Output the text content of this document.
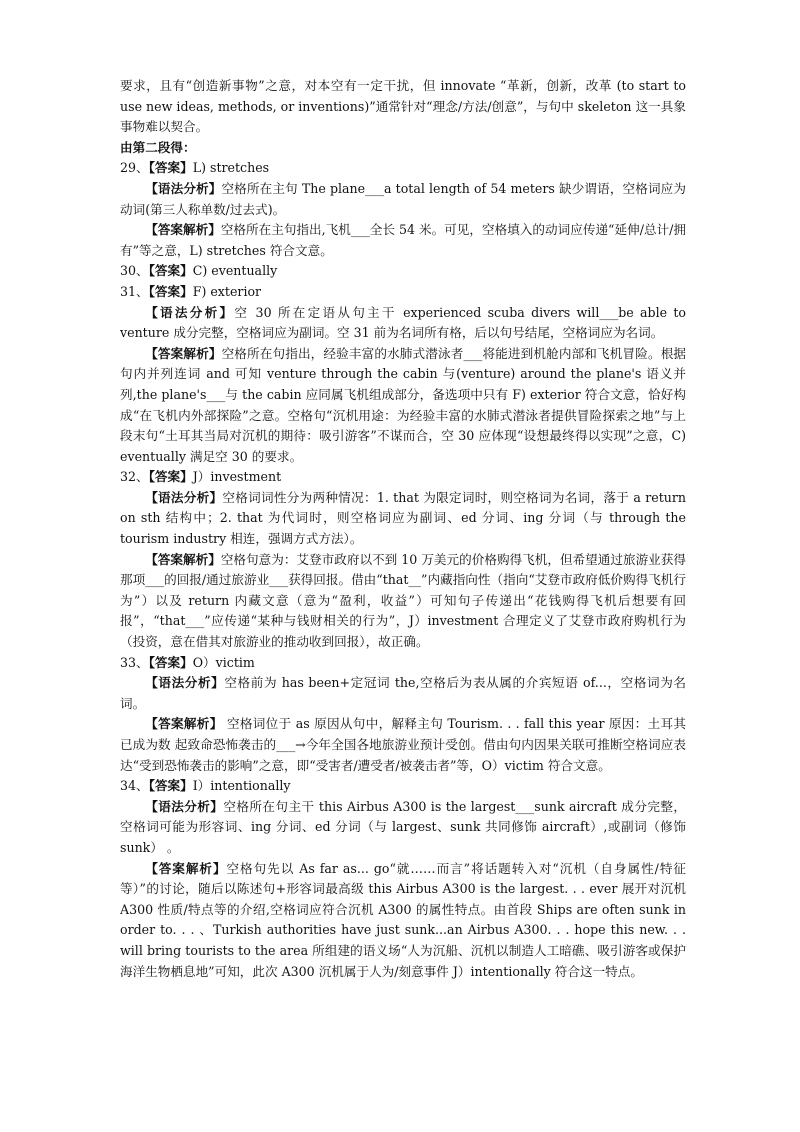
要求，且有“创造新事物”之意，对本空有一定干扰，但 innovate “革新，创新，改革 (to start to use new ideas, methods, or inventions)”通常针对“理念/方法/创意”，与句中 skeleton 这一具象事物难以契合。

由第二段得：

29、【答案】L) stretches

【语法分析】空格所在主句 The plane___a total length of 54 meters 缺少谓语，空格词应为动词(第三人称单数/过去式)。

【答案解析】空格所在主句指出,飞机___全长 54 米。可见，空格填入的动词应传递“延伸/总计/拥有”等之意，L) stretches 符合文意。

30、【答案】C) eventually

31、【答案】F) exterior

【语法分析】空 30 所在定语从句主干 experienced scuba divers will___be able to venture 成分完整，空格词应为副词。空 31 前为名词所有格，后以句号结尾，空格词应为名词。

【答案解析】空格所在句指出，经验丰富的水肺式潜泳者___将能进到机舱内部和飞机冒险。根据句内并列连词 and 可知 venture through the cabin 与(venture) around the plane's 语义并列,the plane's___与 the cabin 应同属飞机组成部分，备选项中只有 F) exterior 符合文意，恰好构成“在飞机内外部探险”之意。空格句“沉机用途：为经验丰富的水肺式潜泳者提供冒险探索之地”与上段末句“土耳其当局对沉机的期待：吸引游客”不谋而合，空 30 应体现“设想最终得以实现”之意，C) eventually 满足空 30 的要求。

32、【答案】J）investment

【语法分析】空格词词性分为两种情况：1. that 为限定词时，则空格词为名词，落于 a return on sth 结构中；2. that 为代词时，则空格词应为副词、ed 分词、ing 分词（与 through the tourism industry 相连，强调方式方法）。

【答案解析】空格句意为：艾登市政府以不到 10 万美元的价格购得飞机，但希望通过旅游业获得那项___的回报/通过旅游业___获得回报。借由“that__”内藏指向性（指向“艾登市政府低价购得飞机行为”）以及 return 内藏文意（意为“盈利，收益”）可知句子传递出“花钱购得飞机后想要有回报”，“that___”应传递“某种与钱财相关的行为”，J）investment 合理定义了艾登市政府购机行为（投资，意在借其对旅游业的推动收到回报），故正确。

33、【答案】O）victim

【语法分析】空格前为 has been+定冠词 the,空格后为表从属的介宾短语 of...，空格词为名词。

【答案解析】 空格词位于 as 原因从句中，解释主句 Tourism. . . fall this year 原因：土耳其已成为数 起致命恐怖袭击的___→今年全国各地旅游业预计受创。借由句内因果关联可推断空格词应表达“受到恐怖袭击的影响”之意，即“受害者/遭受者/被袭击者”等，O）victim 符合文意。

34、【答案】I）intentionally

【语法分析】空格所在句主干 this Airbus A300 is the largest___sunk aircraft 成分完整，空格词可能为形容词、ing 分词、ed 分词（与 largest、sunk 共同修饰 aircraft）,或副词（修饰 sunk） 。

【答案解析】空格句先以 As far as... go“就……而言”将话题转入对“沉机（自身属性/特征等）”的讨论，随后以陈述句+形容词最高级 this Airbus A300 is the largest. . . ever 展开对沉机 A300 性质/特点等的介绍,空格词应符合沉机 A300 的属性特点。由首段 Ships are often sunk in order to. . . 、Turkish authorities have just sunk...an Airbus A300. . . hope this new. . . will bring tourists to the area 所组建的语义场“人为沉船、沉机以制造人工暗礁、吸引游客或保护海洋生物栖息地”可知，此次 A300 沉机属于人为/刻意事件 J）intentionally 符合这一特点。
